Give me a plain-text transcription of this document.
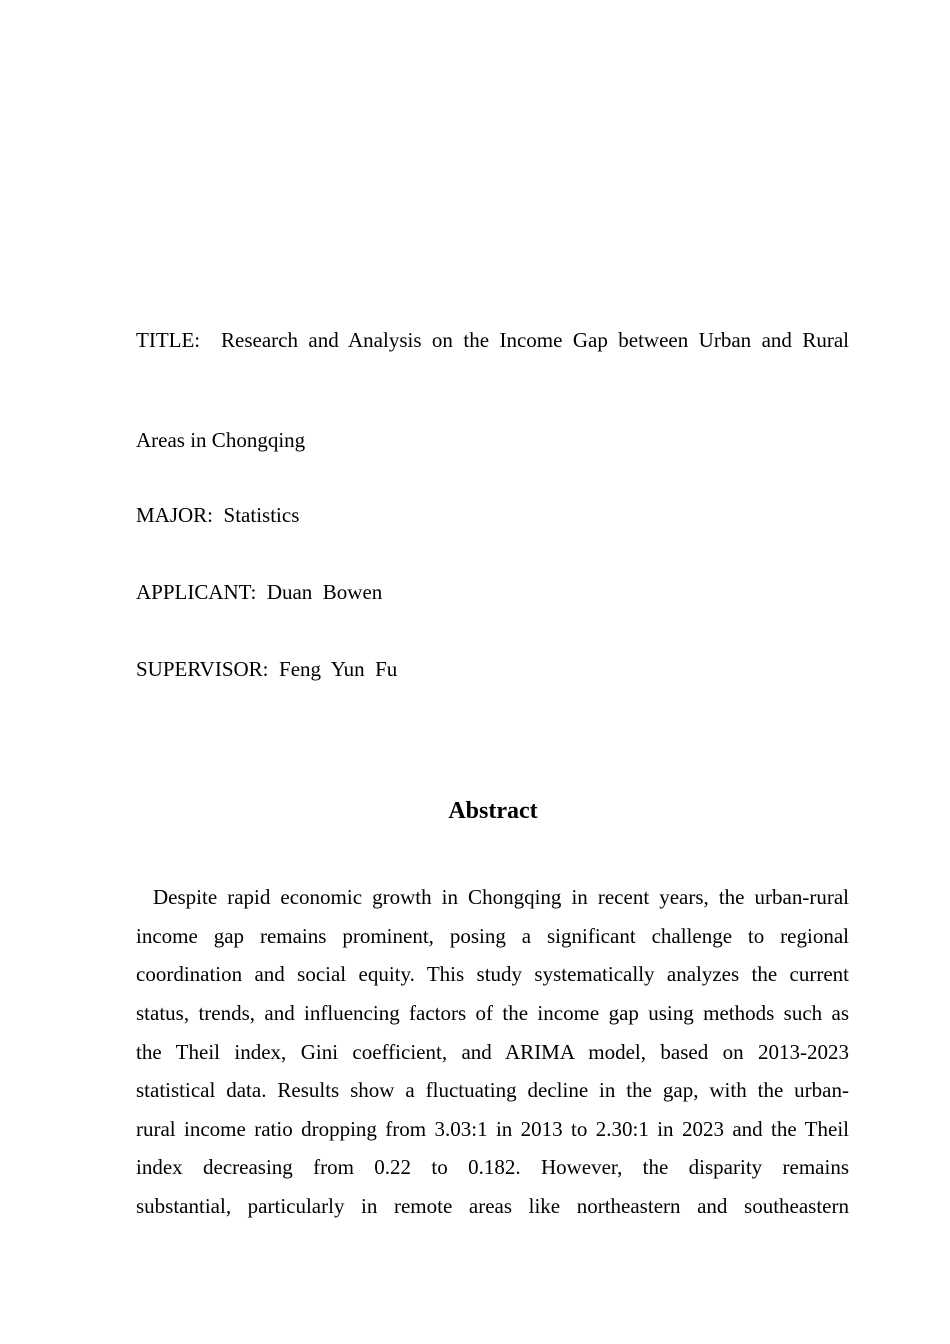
TITLE: Research and Analysis on the Income Gap between Urban and Rural
Areas in Chongqing
MAJOR: Statistics
APPLICANT: Duan  Bowen
SUPERVISOR: Feng  Yun  Fu
Abstract
Despite rapid economic growth in Chongqing in recent years, the urban-rural
income gap remains prominent, posing a significant challenge to regional
coordination and social equity. This study systematically analyzes the current
status, trends, and influencing factors of the income gap using methods such as
the Theil index, Gini coefficient, and ARIMA model, based on 2013-2023
statistical data. Results show a fluctuating decline in the gap, with the urban-
rural income ratio dropping from 3.03:1 in 2013 to 2.30:1 in 2023 and the Theil
index decreasing from 0.22 to 0.182. However, the disparity remains
substantial, particularly in remote areas like northeastern and southeastern
